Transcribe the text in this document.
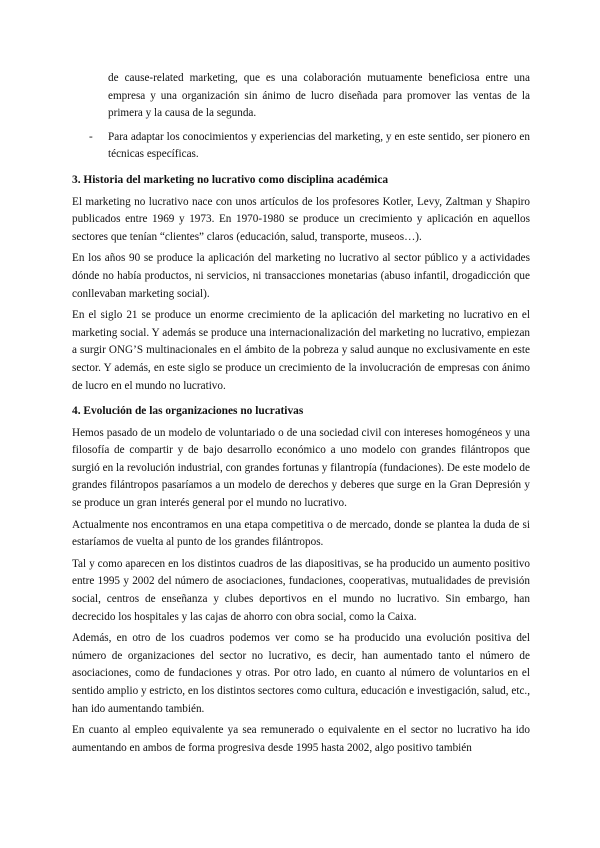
de cause-related marketing, que es una colaboración mutuamente beneficiosa entre una empresa y una organización sin ánimo de lucro diseñada para promover las ventas de la primera y la causa de la segunda.
- Para adaptar los conocimientos y experiencias del marketing, y en este sentido, ser pionero en técnicas específicas.
3. Historia del marketing no lucrativo como disciplina académica

El marketing no lucrativo nace con unos artículos de los profesores Kotler, Levy, Zaltman y Shapiro publicados entre 1969 y 1973. En 1970-1980 se produce un crecimiento y aplicación en aquellos sectores que tenían “clientes” claros (educación, salud, transporte, museos…).

En los años 90 se produce la aplicación del marketing no lucrativo al sector público y a actividades dónde no había productos, ni servicios, ni transacciones monetarias (abuso infantil, drogadicción que conllevaban marketing social).

En el siglo 21 se produce un enorme crecimiento de la aplicación del marketing no lucrativo en el marketing social. Y además se produce una internacionalización del marketing no lucrativo, empiezan a surgir ONG’S multinacionales en el ámbito de la pobreza y salud aunque no exclusivamente en este sector. Y además, en este siglo se produce un crecimiento de la involucración de empresas con ánimo de lucro en el mundo no lucrativo.

4. Evolución de las organizaciones no lucrativas

Hemos pasado de un modelo de voluntariado o de una sociedad civil con intereses homogéneos y una filosofía de compartir y de bajo desarrollo económico a uno modelo con grandes filántropos que surgió en la revolución industrial, con grandes fortunas y filantropía (fundaciones). De este modelo de grandes filántropos pasaríamos a un modelo de derechos y deberes que surge en la Gran Depresión y se produce un gran interés general por el mundo no lucrativo.

Actualmente nos encontramos en una etapa competitiva o de mercado, donde se plantea la duda de si estaríamos de vuelta al punto de los grandes filántropos.

Tal y como aparecen en los distintos cuadros de las diapositivas, se ha producido un aumento positivo entre 1995 y 2002 del número de asociaciones, fundaciones, cooperativas, mutualidades de previsión social, centros de enseñanza y clubes deportivos en el mundo no lucrativo. Sin embargo, han decrecido los hospitales y las cajas de ahorro con obra social, como la Caixa.

Además, en otro de los cuadros podemos ver como se ha producido una evolución positiva del número de organizaciones del sector no lucrativo, es decir, han aumentado tanto el número de asociaciones, como de fundaciones y otras. Por otro lado, en cuanto al número de voluntarios en el sentido amplio y estricto, en los distintos sectores como cultura, educación e investigación, salud, etc., han ido aumentando también.

En cuanto al empleo equivalente ya sea remunerado o equivalente en el sector no lucrativo ha ido aumentando en ambos de forma progresiva desde 1995 hasta 2002, algo positivo también
